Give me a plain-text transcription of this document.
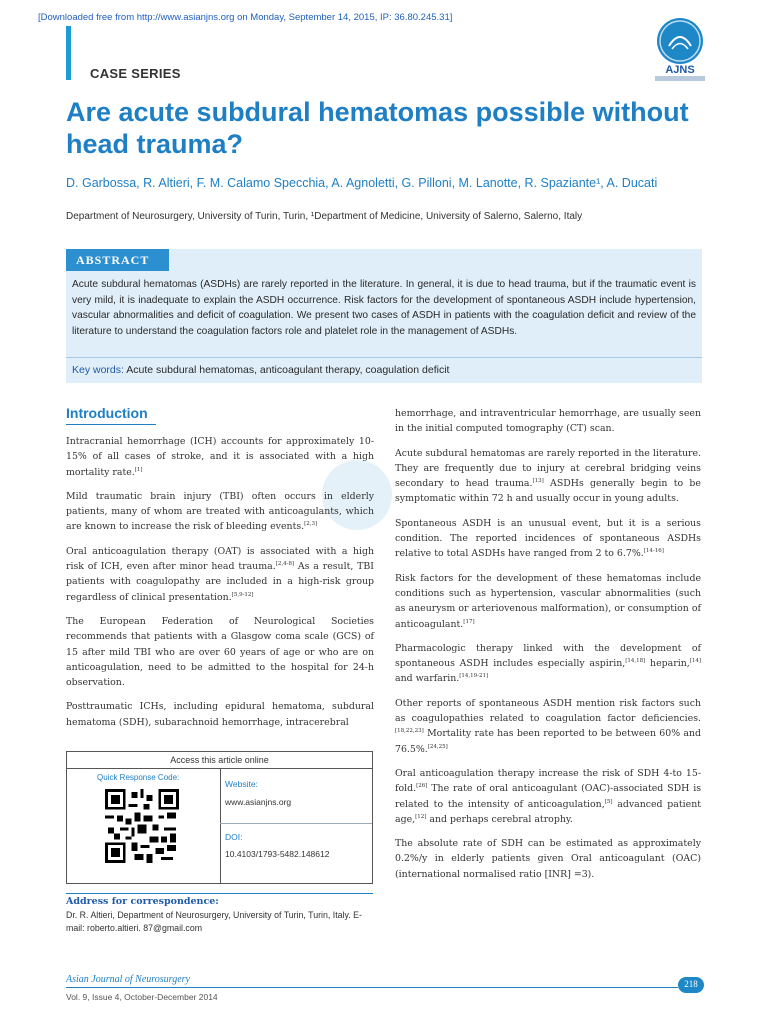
[Downloaded free from http://www.asianjns.org on Monday, September 14, 2015, IP: 36.80.245.31]
CASE SERIES	AJNS
Are acute subdural hematomas possible without head trauma?
D. Garbossa, R. Altieri, F. M. Calamo Specchia, A. Agnoletti, G. Pilloni, M. Lanotte, R. Spaziante¹, A. Ducati
Department of Neurosurgery, University of Turin, Turin, ¹Department of Medicine, University of Salerno, Salerno, Italy
ABSTRACT
Acute subdural hematomas (ASDHs) are rarely reported in the literature. In general, it is due to head trauma, but if the traumatic event is very mild, it is inadequate to explain the ASDH occurrence. Risk factors for the development of spontaneous ASDH include hypertension, vascular abnormalities and deficit of coagulation. We present two cases of ASDH in patients with the coagulation deficit and review of the literature to understand the coagulation factors role and platelet role in the management of ASDHs.
Key words: Acute subdural hematomas, anticoagulant therapy, coagulation deficit
Introduction

Intracranial hemorrhage (ICH) accounts for approximately 10-15% of all cases of stroke, and it is associated with a high mortality rate.[1]

Mild traumatic brain injury (TBI) often occurs in elderly patients, many of whom are treated with anticoagulants, which are known to increase the risk of bleeding events.[2,3]

Oral anticoagulation therapy (OAT) is associated with a high risk of ICH, even after minor head trauma.[2,4-8] As a result, TBI patients with coagulopathy are included in a high-risk group regardless of clinical presentation.[5,9-12]

The European Federation of Neurological Societies recommends that patients with a Glasgow coma scale (GCS) of 15 after mild TBI who are over 60 years of age or who are on anticoagulation, need to be admitted to the hospital for 24-h observation.

Posttraumatic ICHs, including epidural hematoma, subdural hematoma (SDH), subarachnoid hemorrhage, intracerebral

hemorrhage, and intraventricular hemorrhage, are usually seen in the initial computed tomography (CT) scan.

Acute subdural hematomas are rarely reported in the literature. They are frequently due to injury at cerebral bridging veins secondary to head trauma.[13] ASDHs generally begin to be symptomatic within 72 h and usually occur in young adults.

Spontaneous ASDH is an unusual event, but it is a serious condition. The reported incidences of spontaneous ASDHs relative to total ASDHs have ranged from 2 to 6.7%.[14-16]

Risk factors for the development of these hematomas include conditions such as hypertension, vascular abnormalities (such as aneurysm or arteriovenous malformation), or consumption of anticoagulant.[17]

Pharmacologic therapy linked with the development of spontaneous ASDH includes especially aspirin,[14,18] heparin,[14] and warfarin.[14,19-21]

Other reports of spontaneous ASDH mention risk factors such as coagulopathies related to coagulation factor deficiencies.[18,22,23] Mortality rate has been reported to be between 60% and 76.5%.[24,25]

Oral anticoagulation therapy increase the risk of SDH 4-to 15-fold.[26] The rate of oral anticoagulant (OAC)-associated SDH is related to the intensity of anticoagulation,[5] advanced patient age,[12] and perhaps cerebral atrophy.

The absolute rate of SDH can be estimated as approximately 0.2%/y in elderly patients given Oral anticoagulant (OAC) (international normalised ratio [INR] =3).

Access this article online
Quick Response Code:
Website:
www.asianjns.org
DOI:
10.4103/1793-5482.148612
Address for correspondence:
Dr. R. Altieri, Department of Neurosurgery, University of Turin, Turin, Italy. E-mail: roberto.altieri. 87@gmail.com
Asian Journal of Neurosurgery
Vol. 9, Issue 4, October-December 2014
218
